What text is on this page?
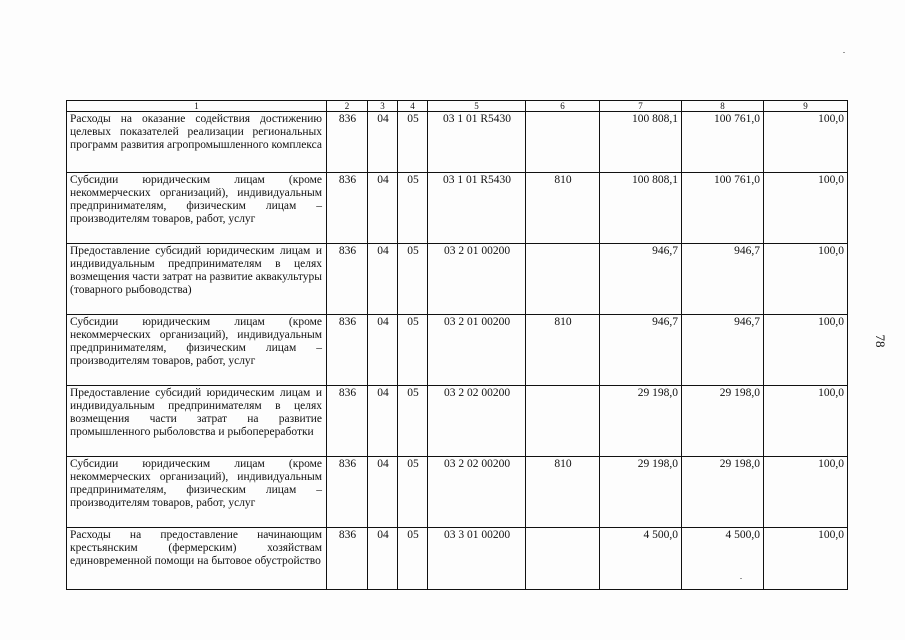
1	2	3	4	5	6	7	8	9
Расходы на оказание содействия достижению целевых показателей реализации региональных программ развития агропромышленного комплекса	836	04	05	03 1 01 R5430		100 808,1	100 761,0	100,0
Субсидии юридическим лицам (кроме некоммерческих организаций), индивидуальным предпринимателям, физическим лицам – производителям товаров, работ, услуг	836	04	05	03 1 01 R5430	810	100 808,1	100 761,0	100,0
Предоставление субсидий юридическим лицам и индивидуальным предпринимателям в целях возмещения части затрат на развитие аквакультуры (товарного рыбоводства)	836	04	05	03 2 01 00200		946,7	946,7	100,0
Субсидии юридическим лицам (кроме некоммерческих организаций), индивидуальным предпринимателям, физическим лицам – производителям товаров, работ, услуг	836	04	05	03 2 01 00200	810	946,7	946,7	100,0
Предоставление субсидий юридическим лицам и индивидуальным предпринимателям в целях возмещения части затрат на развитие промышленного рыболовства и рыбопереработки	836	04	05	03 2 02 00200		29 198,0	29 198,0	100,0
Субсидии юридическим лицам (кроме некоммерческих организаций), индивидуальным предпринимателям, физическим лицам – производителям товаров, работ, услуг	836	04	05	03 2 02 00200	810	29 198,0	29 198,0	100,0
Расходы на предоставление начинающим крестьянским (фермерским) хозяйствам единовременной помощи на бытовое обустройство	836	04	05	03 3 01 00200		4 500,0	4 500,0	100,0
78
